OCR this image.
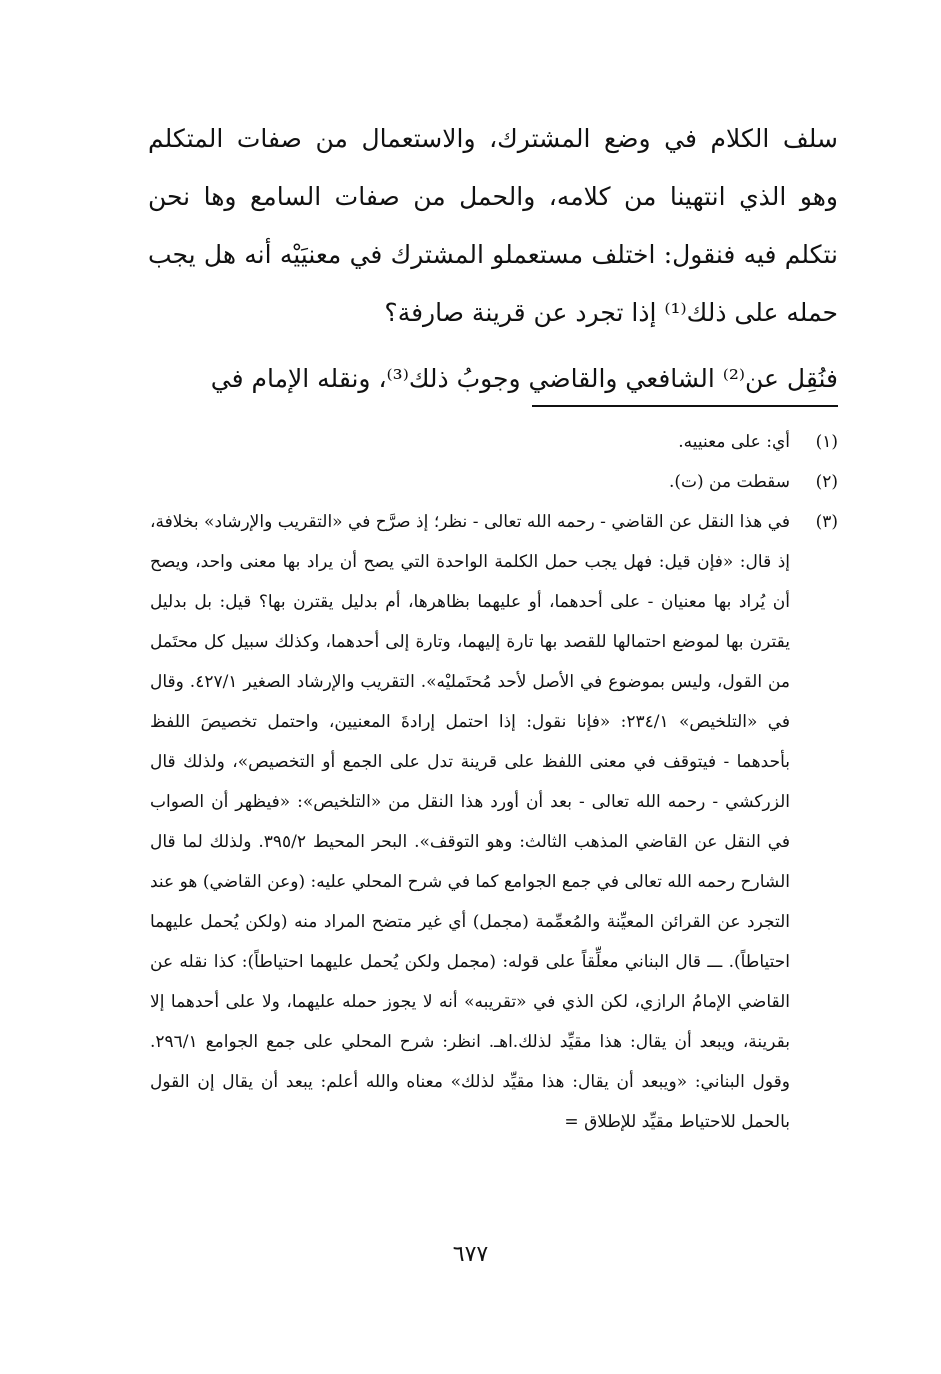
سلف الكلام في وضع المشترك، والاستعمال من صفات المتكلم وهو الذي انتهينا من كلامه، والحمل من صفات السامع وها نحن نتكلم فيه فنقول: اختلف مستعملو المشترك في معنيَيْه أنه هل يجب حمله على ذلك⁽¹⁾ إذا تجرد عن قرينة صارفة؟

فنُقِل عن⁽²⁾ الشافعي والقاضي وجوبُ ذلك⁽³⁾، ونقله الإمام في

(١)
أي: على معنييه.
(٢)
سقطت من (ت).
(٣)
في هذا النقل عن القاضي - رحمه الله تعالى - نظر؛ إذ صرَّح في «التقريب والإرشاد» بخلافة، إذ قال: «فإن قيل: فهل يجب حمل الكلمة الواحدة التي يصح أن يراد بها معنى واحد، ويصح أن يُراد بها معنيان - على أحدهما، أو عليهما بظاهرها، أم بدليل يقترن بها؟ قيل: بل بدليل يقترن بها لموضع احتمالها للقصد بها تارة إليهما، وتارة إلى أحدهما، وكذلك سبيل كل محتَمل من القول، وليس بموضوع في الأصل لأحد مُحتَمليْه». التقريب والإرشاد الصغير ٤٢٧/١. وقال في «التلخيص» ٢٣٤/١: «فإنا نقول: إذا احتمل إرادةَ المعنيين، واحتمل تخصيصَ اللفظ بأحدهما - فيتوقف في معنى اللفظ على قرينة تدل على الجمع أو التخصيص»، ولذلك قال الزركشي - رحمه الله تعالى - بعد أن أورد هذا النقل من «التلخيص»: «فيظهر أن الصواب في النقل عن القاضي المذهب الثالث: وهو التوقف». البحر المحيط ٣٩٥/٢. ولذلك لما قال الشارح رحمه الله تعالى في جمع الجوامع كما في شرح المحلي عليه: (وعن القاضي) هو عند التجرد عن القرائن المعيِّنة والمُعمِّمة (مجمل) أي غير متضح المراد منه (ولكن يُحمل عليهما احتياطاً). ـــ قال البناني معلِّقاً على قوله: (مجمل ولكن يُحمل عليهما احتياطاً): كذا نقله عن القاضي الإمامُ الرازي، لكن الذي في «تقريبه» أنه لا يجوز حمله عليهما، ولا على أحدهما إلا بقرينة، ويبعد أن يقال: هذا مقيِّد لذلك.اهـ. انظر: شرح المحلي على جمع الجوامع ٢٩٦/١. وقول البناني: «ويبعد أن يقال: هذا مقيِّد لذلك» معناه والله أعلم: يبعد أن يقال إن القول بالحمل للاحتياط مقيِّد للإطلاق =
٦٧٧
